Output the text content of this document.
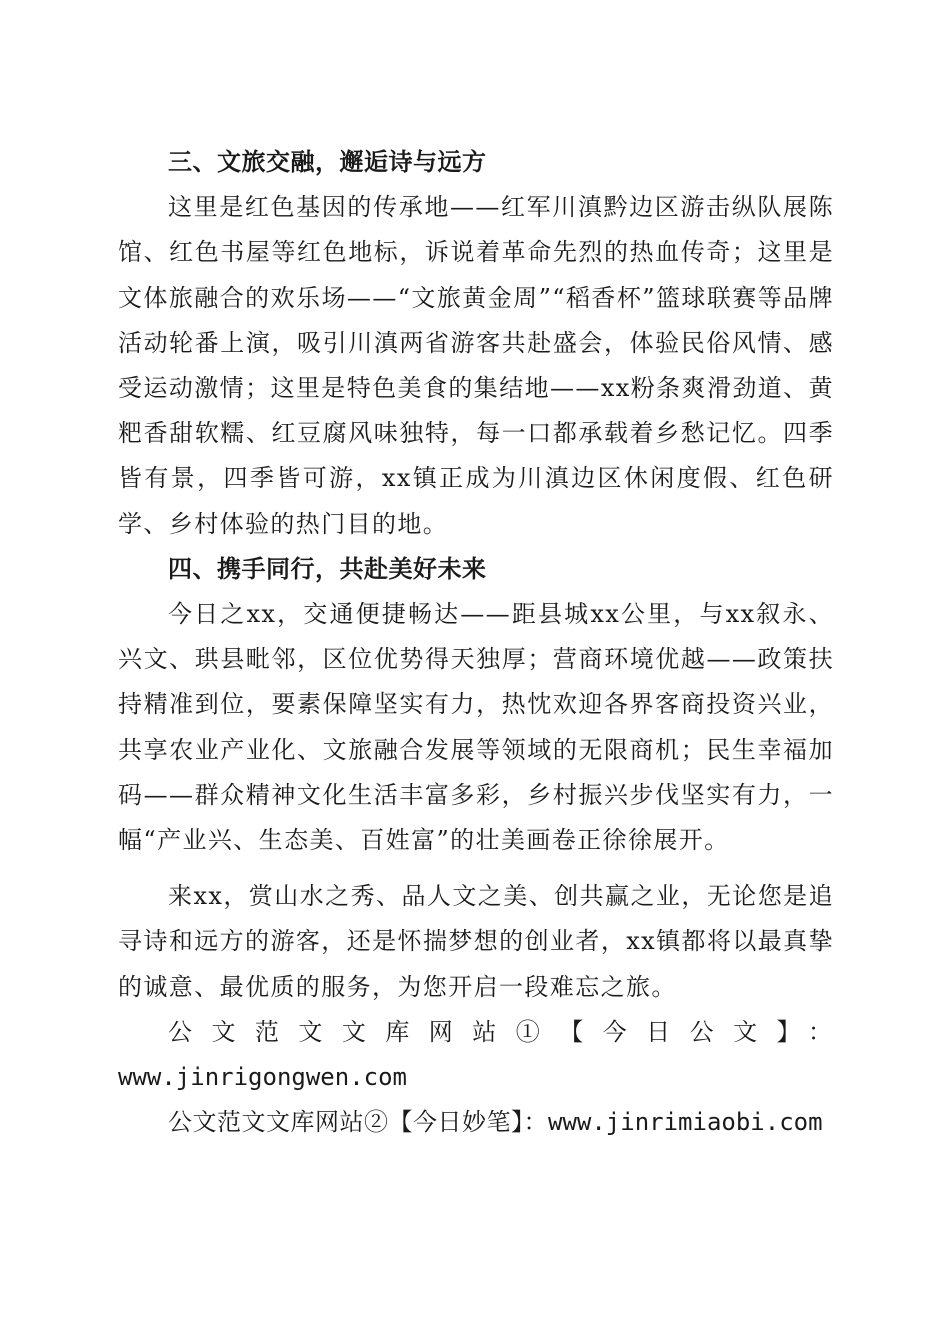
三、文旅交融，邂逅诗与远方

这里是红色基因的传承地——红军川滇黔边区游击纵队展陈馆、红色书屋等红色地标，诉说着革命先烈的热血传奇；这里是文体旅融合的欢乐场——“文旅黄金周”“稻香杯”篮球联赛等品牌活动轮番上演，吸引川滇两省游客共赴盛会，体验民俗风情、感受运动激情；这里是特色美食的集结地——xx粉条爽滑劲道、黄粑香甜软糯、红豆腐风味独特，每一口都承载着乡愁记忆。四季皆有景，四季皆可游，xx镇正成为川滇边区休闲度假、红色研学、乡村体验的热门目的地。

四、携手同行，共赴美好未来

今日之xx，交通便捷畅达——距县城xx公里，与xx叙永、兴文、珙县毗邻，区位优势得天独厚；营商环境优越——政策扶持精准到位，要素保障坚实有力，热忱欢迎各界客商投资兴业，共享农业产业化、文旅融合发展等领域的无限商机；民生幸福加码——群众精神文化生活丰富多彩，乡村振兴步伐坚实有力，一幅“产业兴、生态美、百姓富”的壮美画卷正徐徐展开。

来xx，赏山水之秀、品人文之美、创共赢之业，无论您是追寻诗和远方的游客，还是怀揣梦想的创业者，xx镇都将以最真挚的诚意、最优质的服务，为您开启一段难忘之旅。

公文范文文库网站①【今日公文】：

www.jinrigongwen.com

公文范文文库网站②【今日妙笔】：www.jinrimiaobi.com
